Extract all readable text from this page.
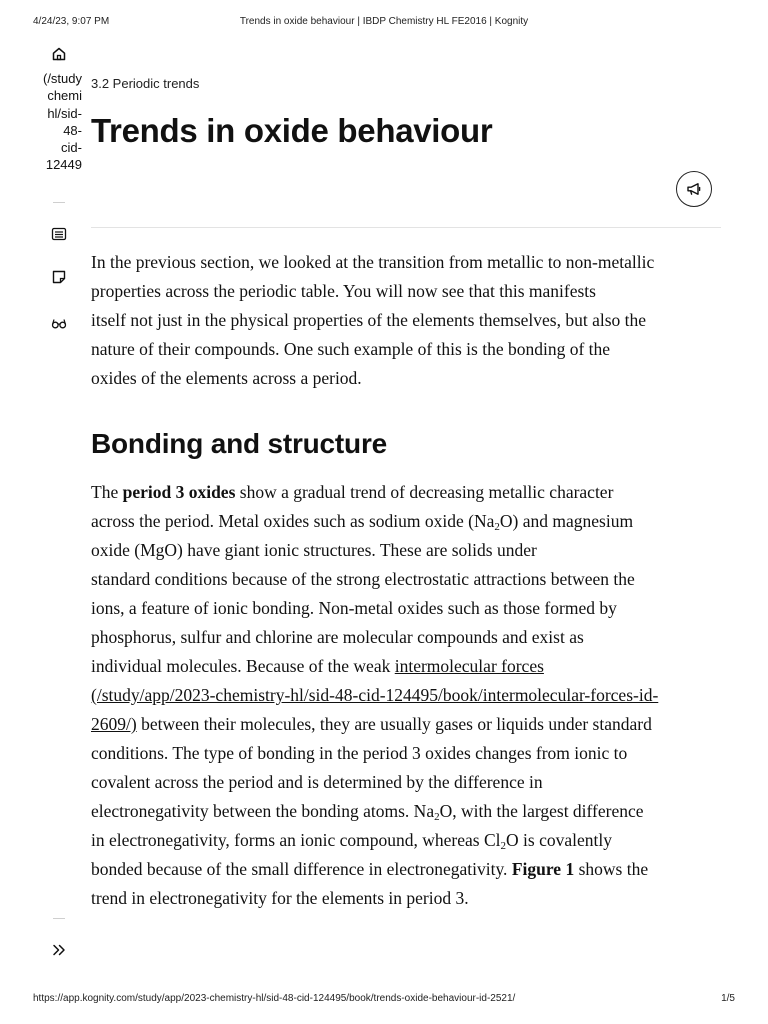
4/24/23, 9:07 PM	Trends in oxide behaviour | IBDP Chemistry HL FE2016 | Kognity
(/study
chemi
hl/sid-
48-
cid-
12449
3.2 Periodic trends
Trends in oxide behaviour
In the previous section, we looked at the transition from metallic to non-metallic
properties across the periodic table. You will now see that this manifests
itself not just in the physical properties of the elements themselves, but also the
nature of their compounds. One such example of this is the bonding of the
oxides of the elements across a period.
Bonding and structure
The period 3 oxides show a gradual trend of decreasing metallic character
across the period. Metal oxides such as sodium oxide $(Na_2O)$ and magnesium
oxide (MgO) have giant ionic structures. These are solids under
standard conditions because of the strong electrostatic attractions between the
ions, a feature of ionic bonding. Non-metal oxides such as those formed by
phosphorus, sulfur and chlorine are molecular compounds and exist as
individual molecules. Because of the weak intermolecular forces
(/study/app/2023-chemistry-hl/sid-48-cid-124495/book/intermolecular-forces-id-
2609/) between their molecules, they are usually gases or liquids under standard
conditions. The type of bonding in the period 3 oxides changes from ionic to
covalent across the period and is determined by the difference in
electronegativity between the bonding atoms. $Na_2O$, with the largest difference
in electronegativity, forms an ionic compound, whereas $Cl_2O$ is covalently
bonded because of the small difference in electronegativity. Figure 1 shows the
trend in electronegativity for the elements in period 3.
https://app.kognity.com/study/app/2023-chemistry-hl/sid-48-cid-124495/book/trends-oxide-behaviour-id-2521/	1/5
